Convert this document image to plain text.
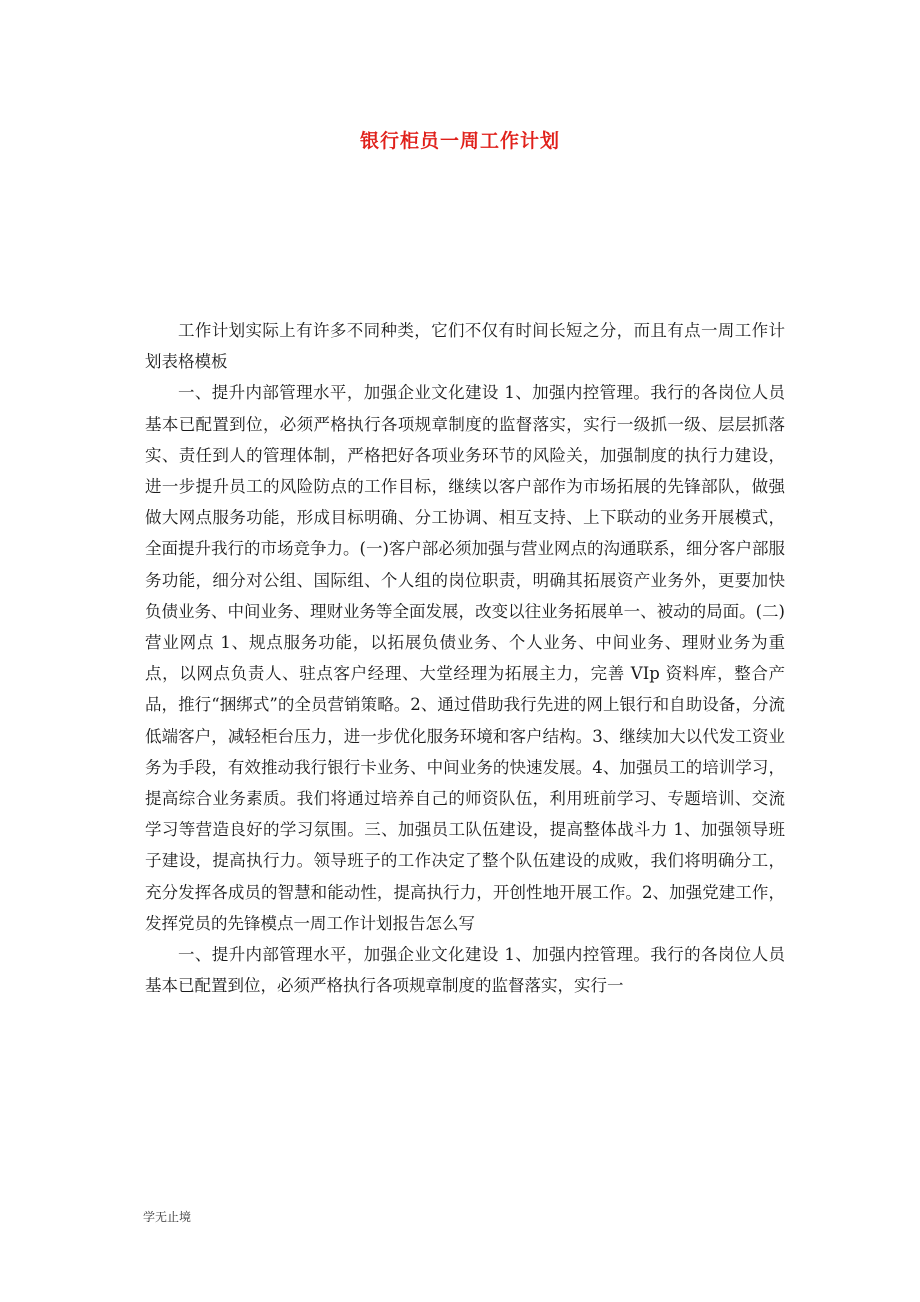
银行柜员一周工作计划

工作计划实际上有许多不同种类，它们不仅有时间长短之分，而且有点一周工作计划表格模板

一、提升内部管理水平，加强企业文化建设 1、加强内控管理。我行的各岗位人员基本已配置到位，必须严格执行各项规章制度的监督落实，实行一级抓一级、层层抓落实、责任到人的管理体制，严格把好各项业务环节的风险关，加强制度的执行力建设，进一步提升员工的风险防点的工作目标，继续以客户部作为市场拓展的先锋部队，做强做大网点服务功能，形成目标明确、分工协调、相互支持、上下联动的业务开展模式，全面提升我行的市场竞争力。(一)客户部必须加强与营业网点的沟通联系，细分客户部服务功能，细分对公组、国际组、个人组的岗位职责，明确其拓展资产业务外，更要加快负债业务、中间业务、理财业务等全面发展，改变以往业务拓展单一、被动的局面。(二)营业网点 1、规点服务功能，以拓展负债业务、个人业务、中间业务、理财业务为重点，以网点负责人、驻点客户经理、大堂经理为拓展主力，完善 VIp 资料库，整合产品，推行“捆绑式”的全员营销策略。2、通过借助我行先进的网上银行和自助设备，分流低端客户，减轻柜台压力，进一步优化服务环境和客户结构。3、继续加大以代发工资业务为手段，有效推动我行银行卡业务、中间业务的快速发展。4、加强员工的培训学习，提高综合业务素质。我们将通过培养自己的师资队伍，利用班前学习、专题培训、交流学习等营造良好的学习氛围。三、加强员工队伍建设，提高整体战斗力 1、加强领导班子建设，提高执行力。领导班子的工作决定了整个队伍建设的成败，我们将明确分工，充分发挥各成员的智慧和能动性，提高执行力，开创性地开展工作。2、加强党建工作，发挥党员的先锋模点一周工作计划报告怎么写

一、提升内部管理水平，加强企业文化建设 1、加强内控管理。我行的各岗位人员基本已配置到位，必须严格执行各项规章制度的监督落实，实行一

学无止境
